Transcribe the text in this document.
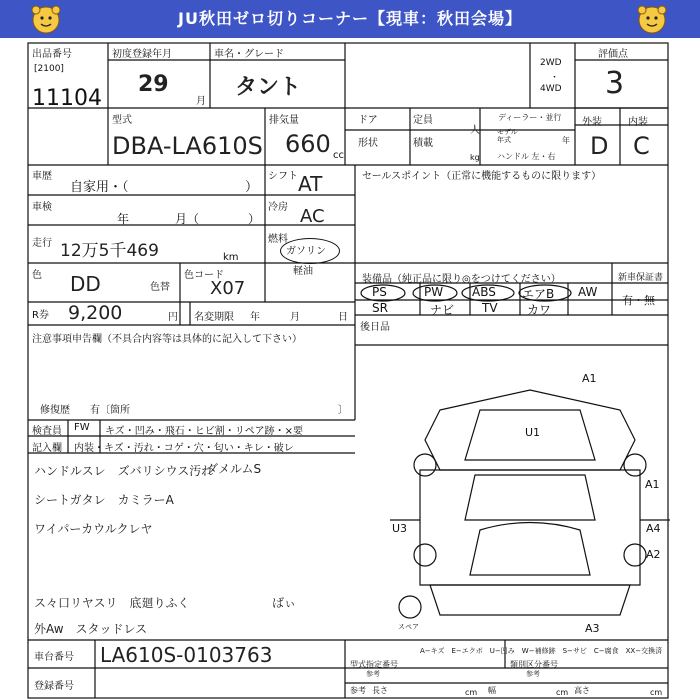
JU秋田ゼロ切りコーナー【現車：秋田会場】
出品番号
[2100]
11104
初度登録年月
29
月
車名・グレード
タント
2WD
・
4WD
評価点
3
外装	内装
D C
型式
DBA-LA610S
排気量
660 cc
ドア	定員
人
ディーラー・並行
形状	積載
kg
モデル
年式	年
ハンドル 左・右
車歴
自家用・（	）
シフト AT	セールスポイント（正常に機能するものに限ります）
車検
年	月（	）
冷房 AC
走行 12万5千469	km
燃料
ガソリン
軽油
色 DD	色替
色コード
X07	装備品（純正品に限り◎をつけてください）	新車保証書
有・無
PS	PW ABS エアB AW
SR	ナビ TV カワ
R券 9,200	円 名変期限 年	月	日
後日品
注意事項申告欄（不具合内容等は具体的に記入して下さい）
修復歴　　有〔箇所	〕
検査員
記入欄
FW キズ・凹み・飛石・ヒビ割・リペア跡・×要
内装・キズ・汚れ・コゲ・穴・匂い・キレ・破レ
ハンドルスレ　ズバリシウス汚れ
シートガタレ　カミラーA
ワイパーカウルクレヤ
ス々口リヤスリ　底廻りふく
外Aw　スタッドレス
ダメルムS
ばぃ
A1
U1
A1
A4
U3
A2
A3
スペア
A−キズ　E−エクボ　U−凹み　W−補修跡　S−サビ　C−腐食　XX−交換済
車台番号 LA610S-0103763
登録番号
型式指定番号
参考
類別区分番号
参考
参考 長さ	cm 幅	cm 高さ	cm
